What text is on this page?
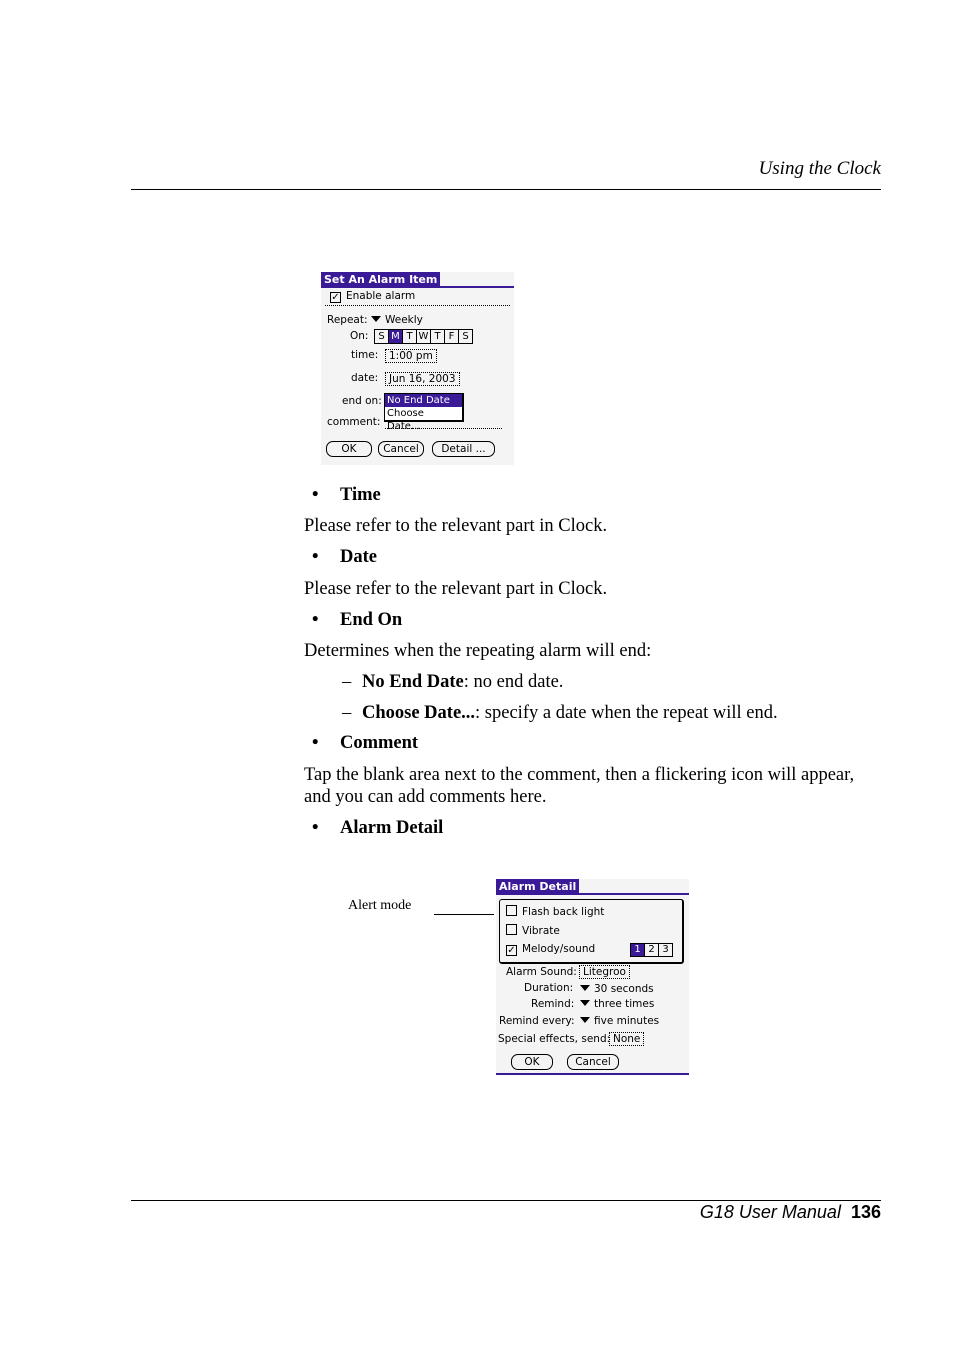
Using the Clock
Set An Alarm Item
✓ Enable alarm
Repeat:	Weekly
On: S M T W T F S
time:	1:00 pm
date:	Jun 16, 2003
end on: No End Date
Choose Date...
comment:
OK	Cancel	Detail ...
• Time
Please refer to the relevant part in Clock.
• Date
Please refer to the relevant part in Clock.
• End On
Determines when the repeating alarm will end:
– No End Date: no end date.
– Choose Date...: specify a date when the repeat will end.
• Comment
Tap the blank area next to the comment, then a flickering icon will appear, and you can add comments here.
• Alarm Detail
Alert mode
Alarm Detail
Flash back light
Vibrate
✓ Melody/sound	1 2 3
Alarm Sound: Litegroo
Duration:	30 seconds
Remind:	three times
Remind every:	five minutes
Special effects, send: None
OK	Cancel
G18 User Manual 136
